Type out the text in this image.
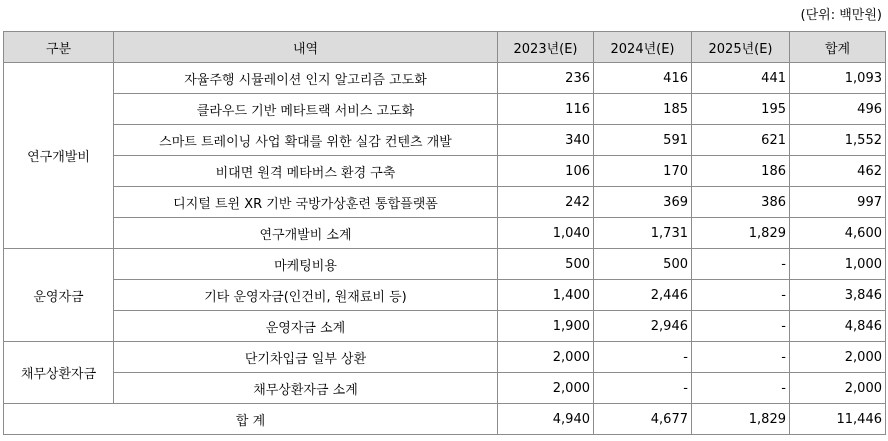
(단위: 백만원)
구분	내역	2023년(E)	2024년(E)	2025년(E)	합계
연구개발비	자율주행 시뮬레이션 인지 알고리즘 고도화	236	416	441	1,093
	클라우드 기반 메타트랙 서비스 고도화	116	185	195	496
	스마트 트레이닝 사업 확대를 위한 실감 컨텐츠 개발	340	591	621	1,552
	비대면 원격 메타버스 환경 구축	106	170	186	462
	디지털 트윈 XR 기반 국방가상훈련 통합플랫폼	242	369	386	997
	연구개발비 소계	1,040	1,731	1,829	4,600
운영자금	마케팅비용	500	500	-	1,000
	기타 운영자금(인건비, 원재료비 등)	1,400	2,446	-	3,846
	운영자금 소계	1,900	2,946	-	4,846
채무상환자금	단기차입금 일부 상환	2,000	-	-	2,000
	채무상환자금 소계	2,000	-	-	2,000
합 계		4,940	4,677	1,829	11,446
